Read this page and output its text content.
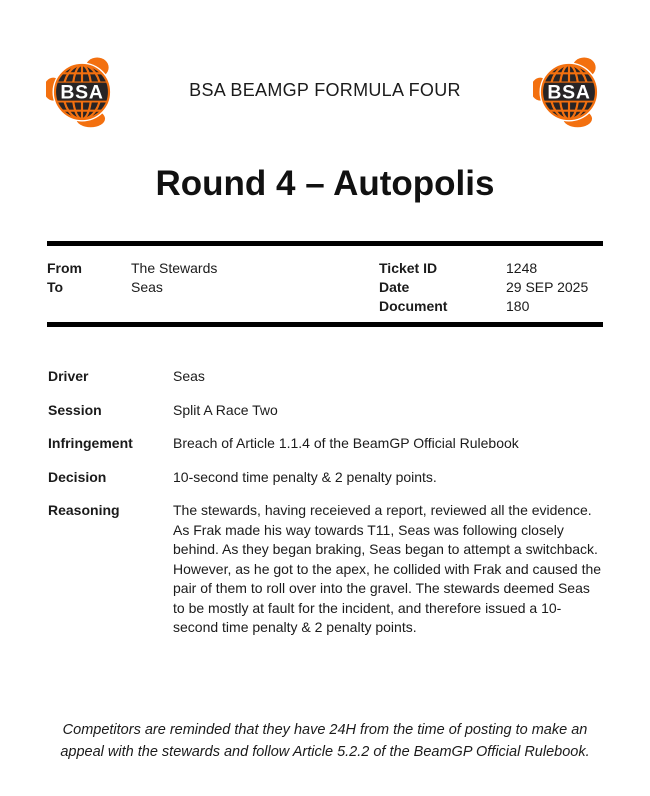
BSA	BSA BEAMGP FORMULA FOUR	BSA
Round 4 – Autopolis
From	The Stewards
To	Seas
Ticket ID	1248
Date	29 SEP 2025
Document	180
Driver	Seas
Session	Split A Race Two
Infringement	Breach of Article 1.1.4 of the BeamGP Official Rulebook
Decision	10-second time penalty & 2 penalty points.
Reasoning	The stewards, having receieved a report, reviewed all the evidence. As Frak made his way towards T11, Seas was following closely behind. As they began braking, Seas began to attempt a switchback. However, as he got to the apex, he collided with Frak and caused the pair of them to roll over into the gravel. The stewards deemed Seas to be mostly at fault for the incident, and therefore issued a 10-second time penalty & 2 penalty points.
Competitors are reminded that they have 24H from the time of posting to make an appeal with the stewards and follow Article 5.2.2 of the BeamGP Official Rulebook.
